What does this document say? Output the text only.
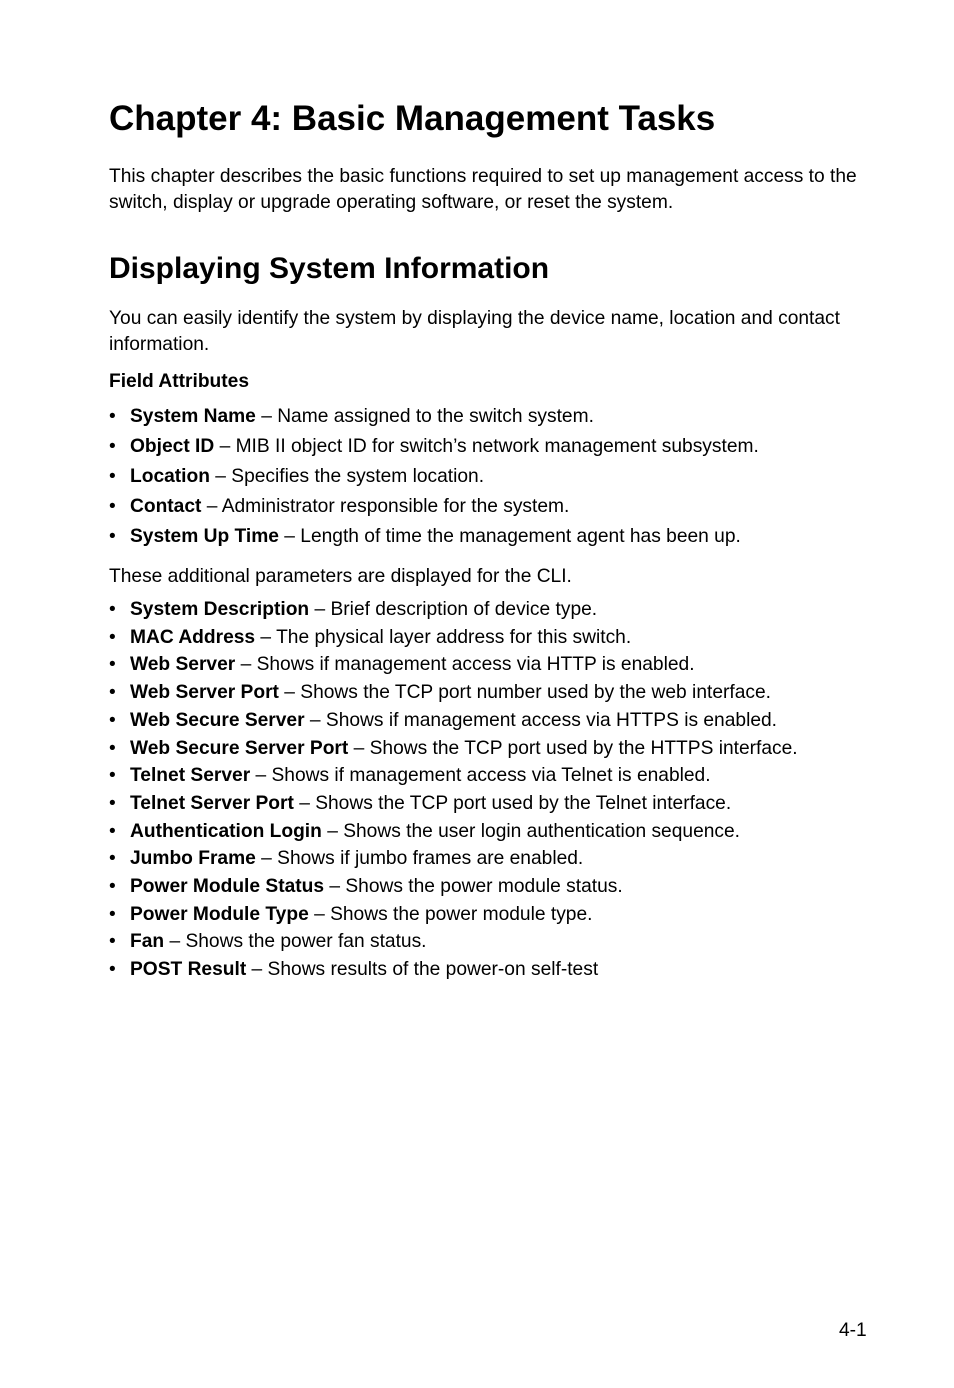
Chapter 4: Basic Management Tasks

This chapter describes the basic functions required to set up management access to the switch, display or upgrade operating software, or reset the system.

Displaying System Information

You can easily identify the system by displaying the device name, location and contact information.

Field Attributes
• System Name – Name assigned to the switch system.
• Object ID – MIB II object ID for switch’s network management subsystem.
• Location – Specifies the system location.
• Contact – Administrator responsible for the system.
• System Up Time – Length of time the management agent has been up.

These additional parameters are displayed for the CLI.

• System Description – Brief description of device type.
• MAC Address – The physical layer address for this switch.
• Web Server – Shows if management access via HTTP is enabled.
• Web Server Port – Shows the TCP port number used by the web interface.
• Web Secure Server – Shows if management access via HTTPS is enabled.
• Web Secure Server Port – Shows the TCP port used by the HTTPS interface.
• Telnet Server – Shows if management access via Telnet is enabled.
• Telnet Server Port – Shows the TCP port used by the Telnet interface.
• Authentication Login – Shows the user login authentication sequence.
• Jumbo Frame – Shows if jumbo frames are enabled.
• Power Module Status – Shows the power module status.
• Power Module Type – Shows the power module type.
• Fan – Shows the power fan status.
• POST Result – Shows results of the power-on self-test
4-1
